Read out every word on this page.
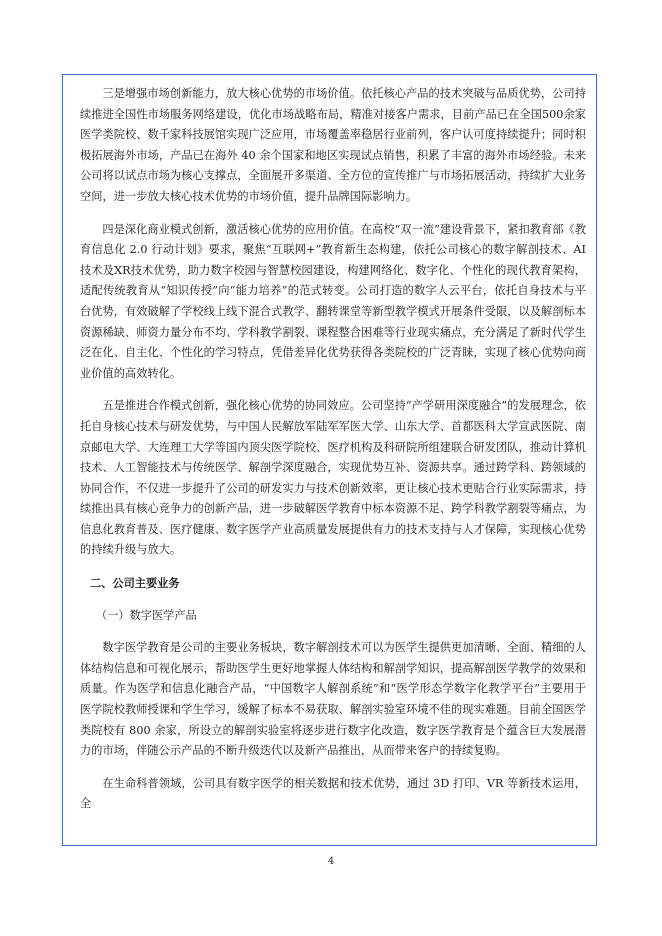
三是增强市场创新能力，放大核心优势的市场价值。依托核心产品的技术突破与品质优势，公司持续推进全国性市场服务网络建设，优化市场战略布局，精准对接客户需求，目前产品已在全国500余家医学类院校、数千家科技展馆实现广泛应用，市场覆盖率稳居行业前列，客户认可度持续提升；同时积极拓展海外市场，产品已在海外 40 余个国家和地区实现试点销售，积累了丰富的海外市场经验。未来公司将以试点市场为核心支撑点，全面展开多渠道、全方位的宣传推广与市场拓展活动，持续扩大业务空间，进一步放大核心技术优势的市场价值，提升品牌国际影响力。

四是深化商业模式创新，激活核心优势的应用价值。在高校“双一流”建设背景下，紧扣教育部《教育信息化 2.0 行动计划》要求，聚焦“互联网+”教育新生态构建，依托公司核心的数字解剖技术、AI技术及XR技术优势，助力数字校园与智慧校园建设，构建网络化、数字化、个性化的现代教育架构，适配传统教育从“知识传授”向“能力培养”的范式转变。公司打造的数字人云平台，依托自身技术与平台优势，有效破解了学校线上线下混合式教学、翻转课堂等新型教学模式开展条件受限，以及解剖标本资源稀缺、师资力量分布不均、学科教学割裂、课程整合困难等行业现实痛点，充分满足了新时代学生泛在化、自主化、个性化的学习特点，凭借差异化优势获得各类院校的广泛青睐，实现了核心优势向商业价值的高效转化。

五是推进合作模式创新，强化核心优势的协同效应。公司坚持“产学研用深度融合”的发展理念，依托自身核心技术与研发优势，与中国人民解放军陆军军医大学、山东大学、首都医科大学宣武医院、南京邮电大学、大连理工大学等国内顶尖医学院校、医疗机构及科研院所组建联合研发团队，推动计算机技术、人工智能技术与传统医学、解剖学深度融合，实现优势互补、资源共享。通过跨学科、跨领域的协同合作，不仅进一步提升了公司的研发实力与技术创新效率，更让核心技术更贴合行业实际需求，持续推出具有核心竞争力的创新产品，进一步破解医学教育中标本资源不足、跨学科教学割裂等痛点，为信息化教育普及、医疗健康、数字医学产业高质量发展提供有力的技术支持与人才保障，实现核心优势的持续升级与放大。

二、公司主要业务

（一）数字医学产品

数字医学教育是公司的主要业务板块，数字解剖技术可以为医学生提供更加清晰、全面、精细的人体结构信息和可视化展示，帮助医学生更好地掌握人体结构和解剖学知识，提高解剖医学教学的效果和质量。作为医学和信息化融合产品，“中国数字人解剖系统”和“医学形态学数字化教学平台”主要用于医学院校教师授课和学生学习，缓解了标本不易获取、解剖实验室环境不佳的现实难题。目前全国医学类院校有 800 余家，所设立的解剖实验室将逐步进行数字化改造，数字医学教育是个蕴含巨大发展潜力的市场，伴随公示产品的不断升级迭代以及新产品推出，从而带来客户的持续复购。

在生命科普领域，公司具有数字医学的相关数据和技术优势，通过 3D 打印、VR 等新技术运用，全

4
